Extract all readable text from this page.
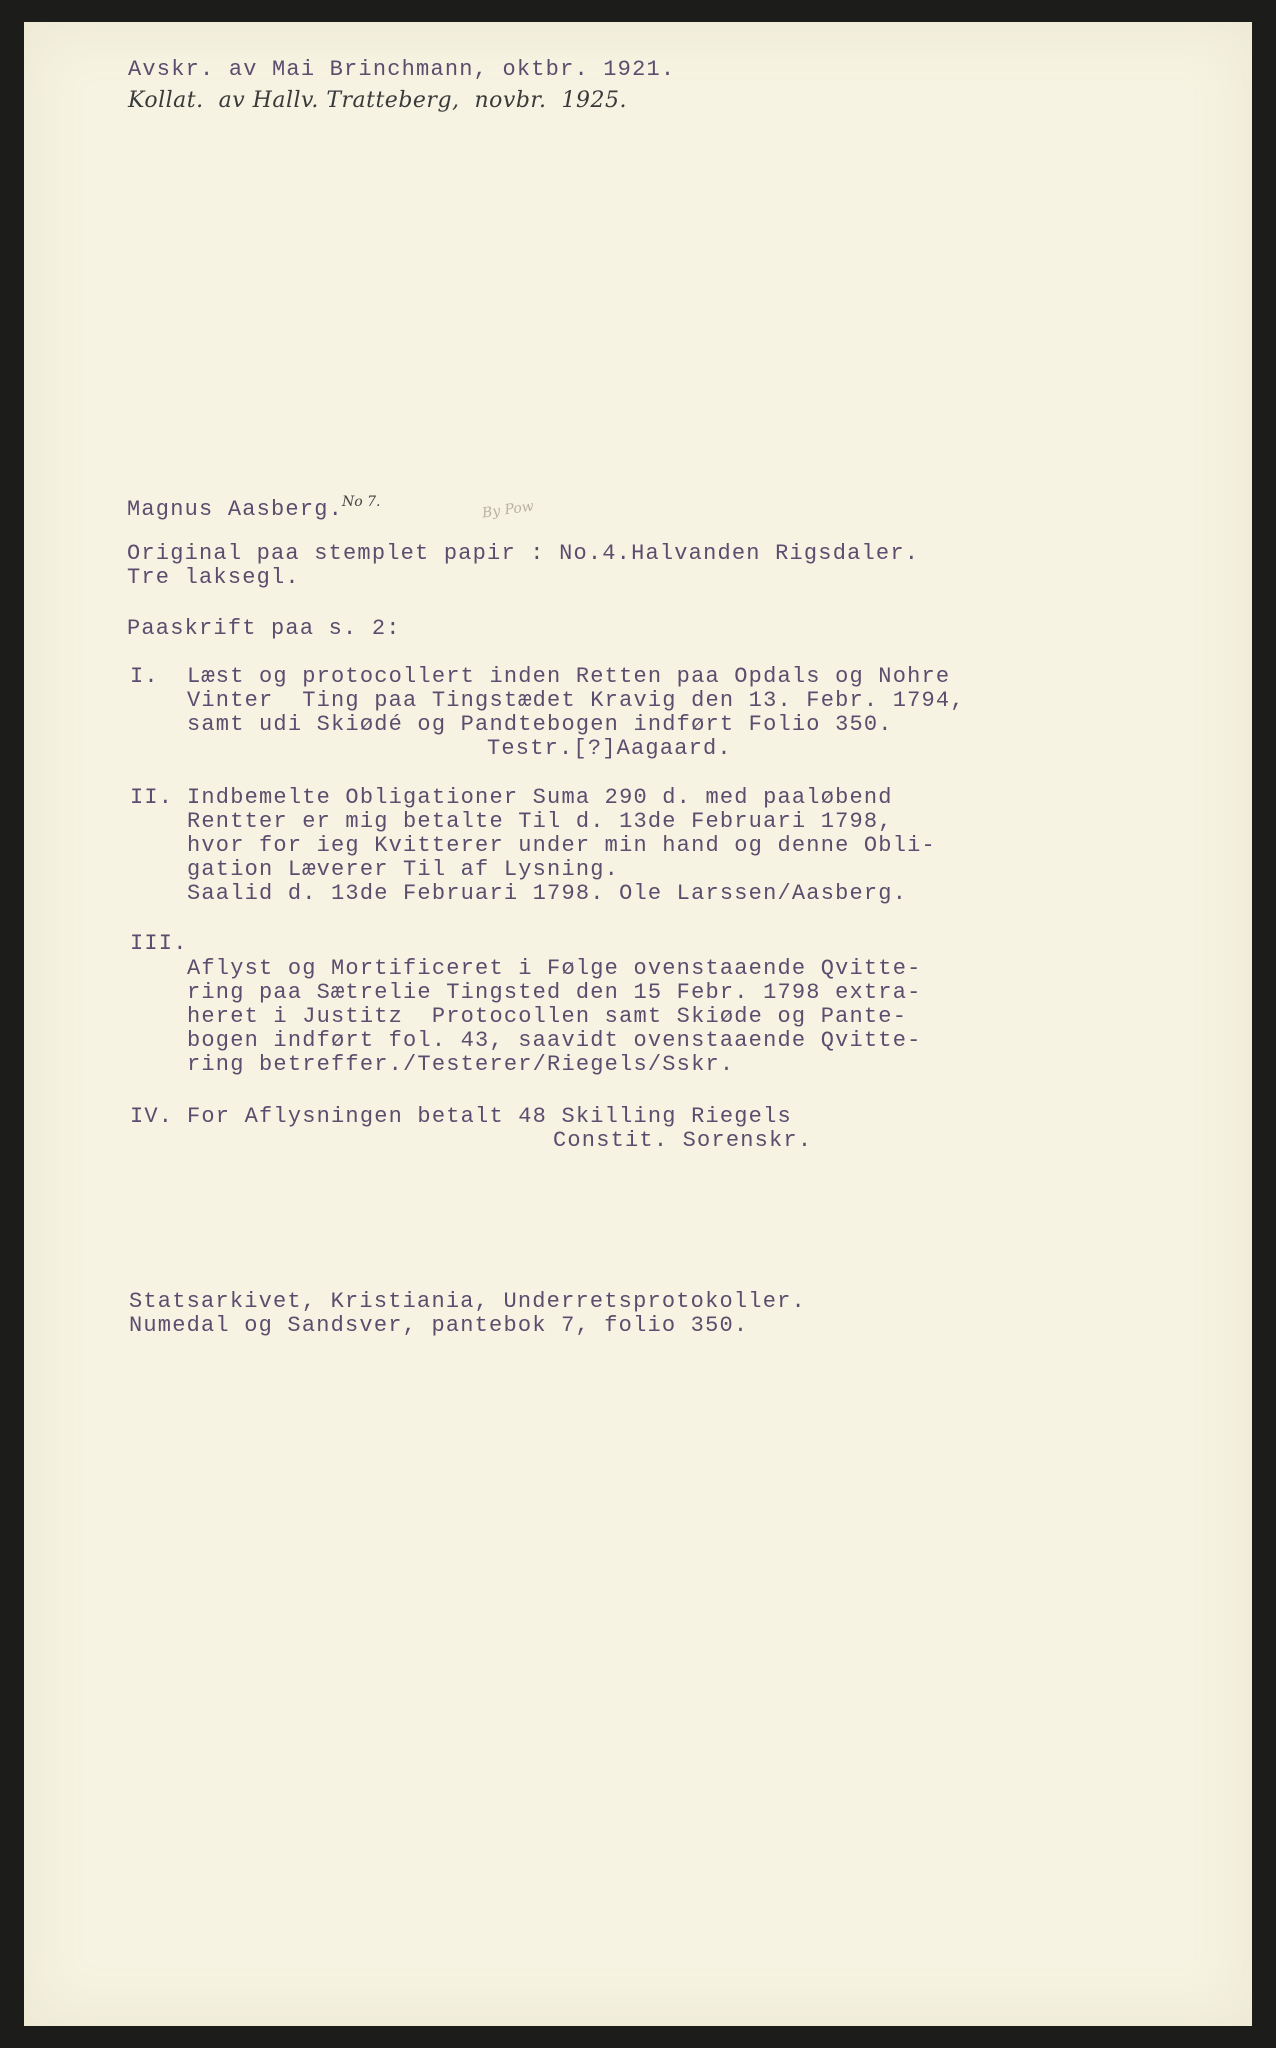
Avskr. av Mai Brinchmann, oktbr. 1921.
Kollat.  av Hallv. Tratteberg,  novbr.  1925.
Magnus Aasberg.
No 7.	By Pow
Original paa stemplet papir : No.4.Halvanden Rigsdaler.
Tre laksegl.
Paaskrift paa s. 2:
I. Læst og protocollert inden Retten paa Opdals og Nohre
Vinter  Ting paa Tingstædet Kravig den 13. Febr. 1794,
samt udi Skiødé og Pandtebogen indført Folio 350.
Testr.[?]Aagaard.
II. Indbemelte Obligationer Suma 290 d. med paaløbend
Rentter er mig betalte Til d. 13de Februari 1798,
hvor for ieg Kvitterer under min hand og denne Obli-
gation Læverer Til af Lysning.
Saalid d. 13de Februari 1798. Ole Larssen/Aasberg.
III.
Aflyst og Mortificeret i Følge ovenstaaende Qvitte-
ring paa Sætrelie Tingsted den 15 Febr. 1798 extra-
heret i Justitz  Protocollen samt Skiøde og Pante-
bogen indført fol. 43, saavidt ovenstaaende Qvitte-
ring betreffer./Testerer/Riegels/Sskr.
IV. For Aflysningen betalt 48 Skilling Riegels
Constit. Sorenskr.
Statsarkivet, Kristiania, Underretsprotokoller.
Numedal og Sandsver, pantebok 7, folio 350.
